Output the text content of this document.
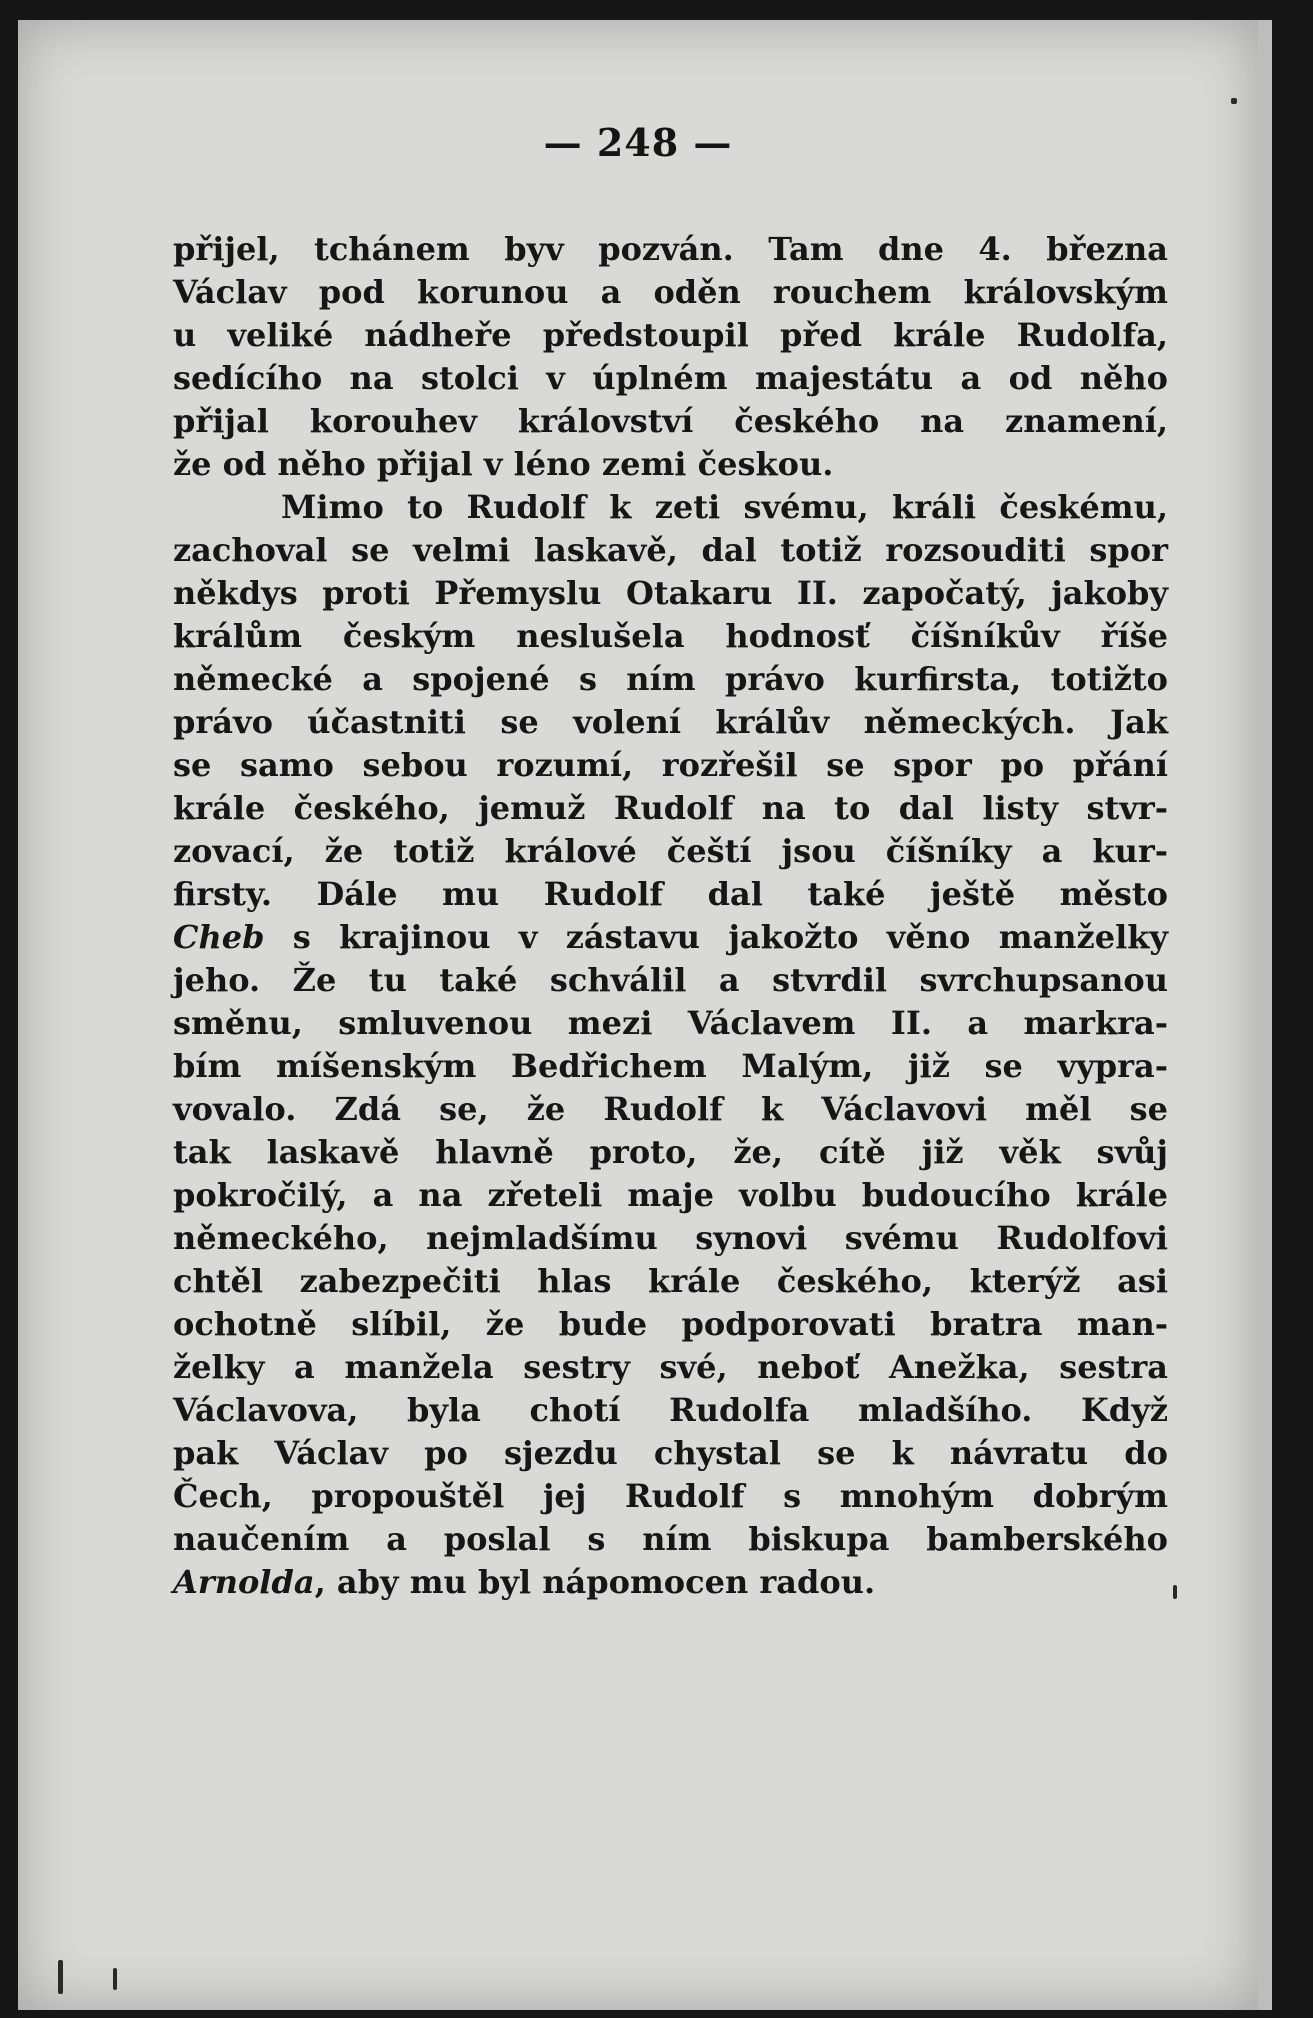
— 248 —
přijel, tchánem byv pozván. Tam dne 4. března
Václav pod korunou a oděn rouchem královským
u veliké nádheře předstoupil před krále Rudolfa,
sedícího na stolci v úplném majestátu a od něho
přijal korouhev království českého na znamení,
že od něho přijal v léno zemi českou.
Mimo to Rudolf k zeti svému, králi českému,
zachoval se velmi laskavě, dal totiž rozsouditi spor
někdys proti Přemyslu Otakaru II. započatý, jakoby
králům českým neslušela hodnosť číšníkův říše
německé a spojené s ním právo kurfirsta, totižto
právo účastniti se volení králův německých. Jak
se samo sebou rozumí, rozřešil se spor po přání
krále českého, jemuž Rudolf na to dal listy stvr-
zovací, že totiž králové čeští jsou číšníky a kur-
firsty. Dále mu Rudolf dal také ještě město
Cheb s krajinou v zástavu jakožto věno manželky
jeho. Že tu také schválil a stvrdil svrchupsanou
směnu, smluvenou mezi Václavem II. a markra-
bím míšenským Bedřichem Malým, již se vypra-
vovalo. Zdá se, že Rudolf k Václavovi měl se
tak laskavě hlavně proto, že, cítě již věk svůj
pokročilý, a na zřeteli maje volbu budoucího krále
německého, nejmladšímu synovi svému Rudolfovi
chtěl zabezpečiti hlas krále českého, kterýž asi
ochotně slíbil, že bude podporovati bratra man-
želky a manžela sestry své, neboť Anežka, sestra
Václavova, byla chotí Rudolfa mladšího. Když
pak Václav po sjezdu chystal se k návratu do
Čech, propouštěl jej Rudolf s mnohým dobrým
naučením a poslal s ním biskupa bamberského
Arnolda, aby mu byl nápomocen radou.
